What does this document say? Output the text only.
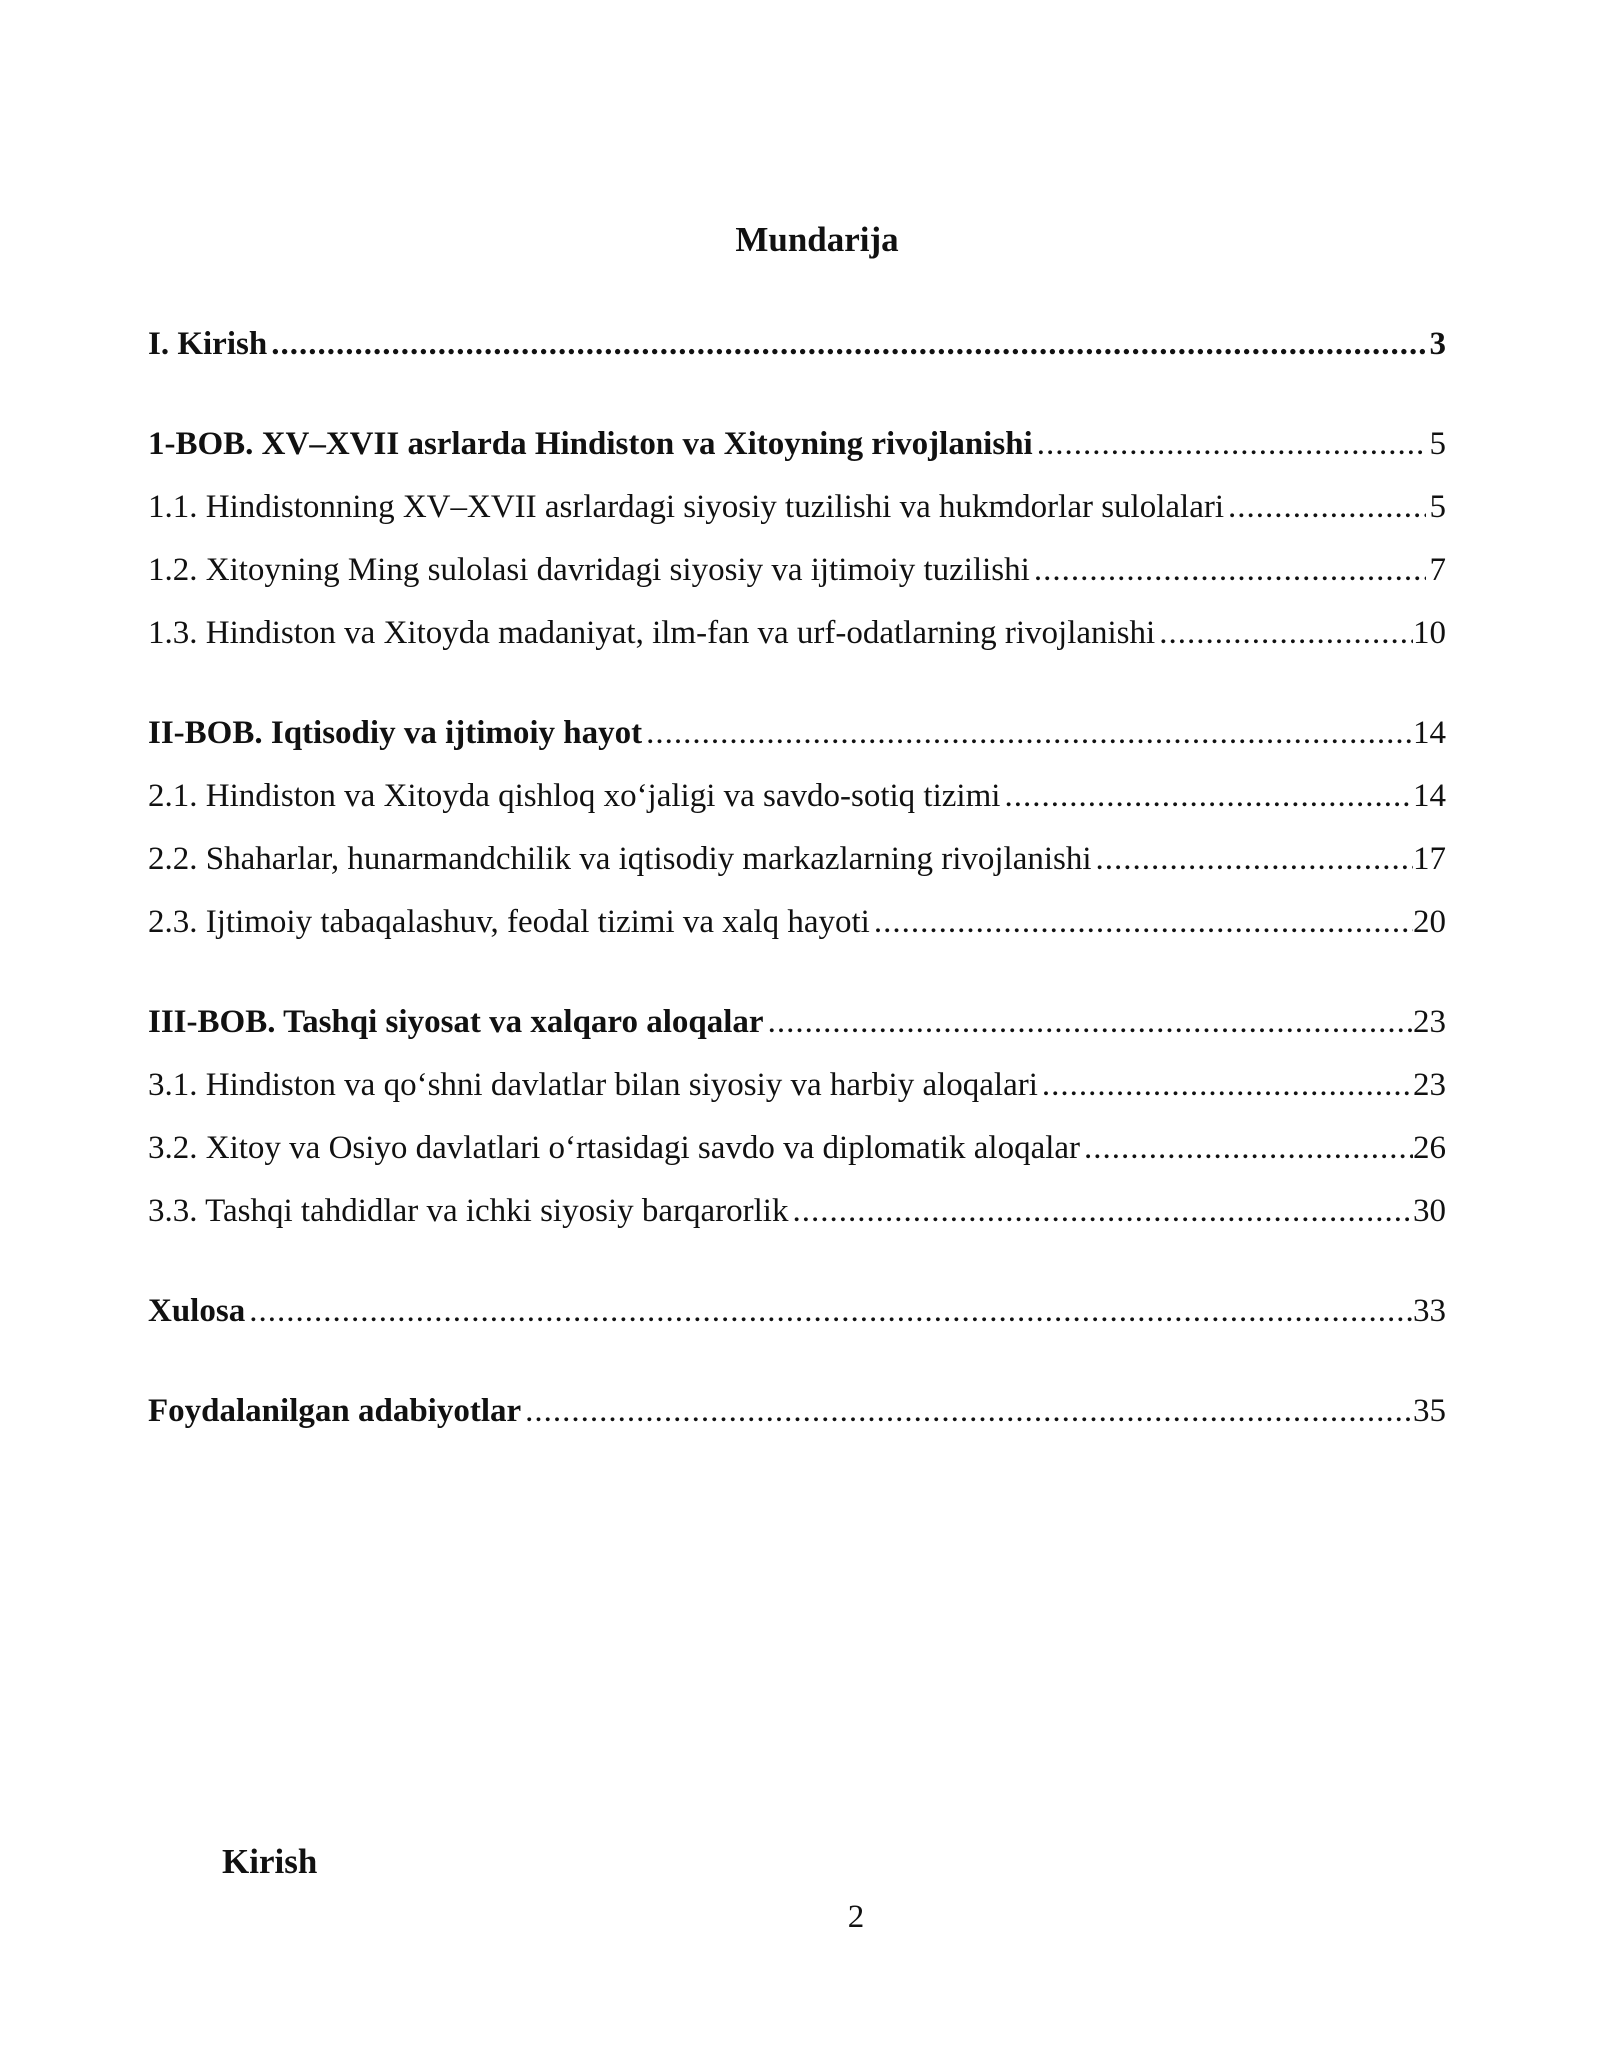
Mundarija
I. Kirish .....	3
1-BOB. XV–XVII asrlarda Hindiston va Xitoyning rivojlanishi .....	5
1.1. Hindistonning XV–XVII asrlardagi siyosiy tuzilishi va hukmdorlar sulolalari .....	5
1.2. Xitoyning Ming sulolasi davridagi siyosiy va ijtimoiy tuzilishi .....	7
1.3. Hindiston va Xitoyda madaniyat, ilm-fan va urf-odatlarning rivojlanishi .....	10
II-BOB. Iqtisodiy va ijtimoiy hayot .....	14
2.1. Hindiston va Xitoyda qishloq xo‘jaligi va savdo-sotiq tizimi .....	14
2.2. Shaharlar, hunarmandchilik va iqtisodiy markazlarning rivojlanishi .....	17
2.3. Ijtimoiy tabaqalashuv, feodal tizimi va xalq hayoti .....	20
III-BOB. Tashqi siyosat va xalqaro aloqalar .....	23
3.1. Hindiston va qo‘shni davlatlar bilan siyosiy va harbiy aloqalari .....	23
3.2. Xitoy va Osiyo davlatlari o‘rtasidagi savdo va diplomatik aloqalar .....	26
3.3. Tashqi tahdidlar va ichki siyosiy barqarorlik .....	30
Xulosa .....	33
Foydalanilgan adabiyotlar .....	35
Kirish
2
